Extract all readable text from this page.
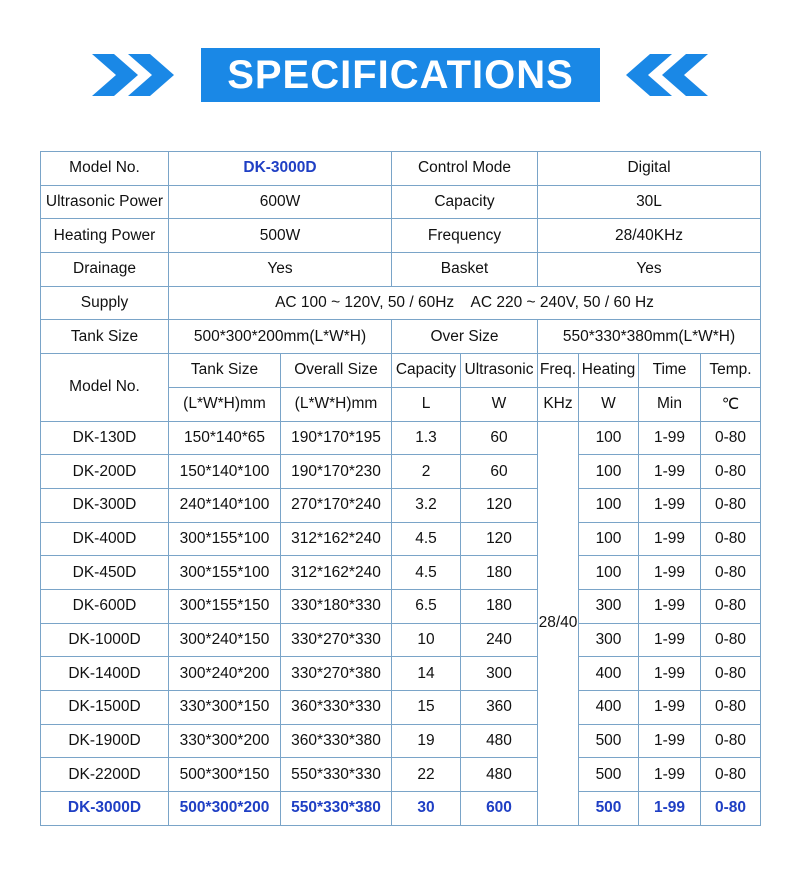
SPECIFICATIONS
Model No.	DK-3000D		Control Mode		Digital			
Ultrasonic Power	600W		Capacity		30L			
Heating Power	500W		Frequency		28/40KHz			
Drainage	Yes		Basket		Yes			
Supply	AC 100 ~ 120V, 50 / 60Hz    AC 220 ~ 240V, 50 / 60 Hz							
Tank Size	500*300*200mm(L*W*H)		Over Size		550*330*380mm(L*W*H)			
Model No.	Tank Size	Overall Size	Capacity	Ultrasonic	Freq.	Heating	Time	Temp.
	(L*W*H)mm	(L*W*H)mm	L	W	KHz	W	Min	℃
DK-130D	150*140*65	190*170*195	1.3	60	28/40	100	1-99	0-80
DK-200D	150*140*100	190*170*230	2	60		100	1-99	0-80
DK-300D	240*140*100	270*170*240	3.2	120		100	1-99	0-80
DK-400D	300*155*100	312*162*240	4.5	120		100	1-99	0-80
DK-450D	300*155*100	312*162*240	4.5	180		100	1-99	0-80
DK-600D	300*155*150	330*180*330	6.5	180		300	1-99	0-80
DK-1000D	300*240*150	330*270*330	10	240		300	1-99	0-80
DK-1400D	300*240*200	330*270*380	14	300		400	1-99	0-80
DK-1500D	330*300*150	360*330*330	15	360		400	1-99	0-80
DK-1900D	330*300*200	360*330*380	19	480		500	1-99	0-80
DK-2200D	500*300*150	550*330*330	22	480		500	1-99	0-80
DK-3000D	500*300*200	550*330*380	30	600		500	1-99	0-80
